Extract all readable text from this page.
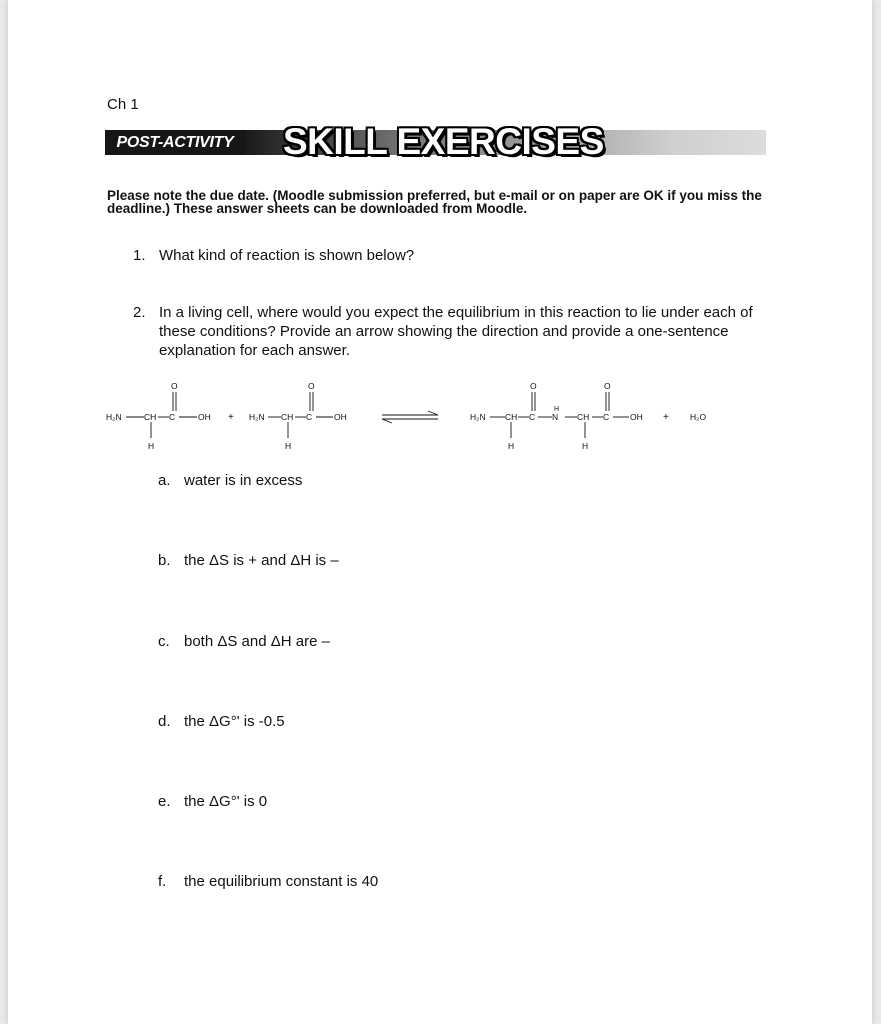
Ch 1
POST-ACTIVITY	SKILL EXERCISES
Please note the due date. (Moodle submission preferred, but e-mail or on paper are OK if you miss the deadline.) These answer sheets can be downloaded from Moodle.
1. What kind of reaction is shown below?
2. In a living cell, where would you expect the equilibrium in this reaction to lie under each of these conditions? Provide an arrow showing the direction and provide a one-sentence explanation for each answer.
H₂N	CH C	OH
O
H
+ H₂N CH C	OH
O
H
H₂N CH C N
H
CH C OH
O	O
H	H
+ H₂O
a. water is in excess
b. the ΔS is + and ΔH is –
c. both ΔS and ΔH are –
d. the ΔG°' is -0.5
e. the ΔG°' is 0
f. the equilibrium constant is 40
